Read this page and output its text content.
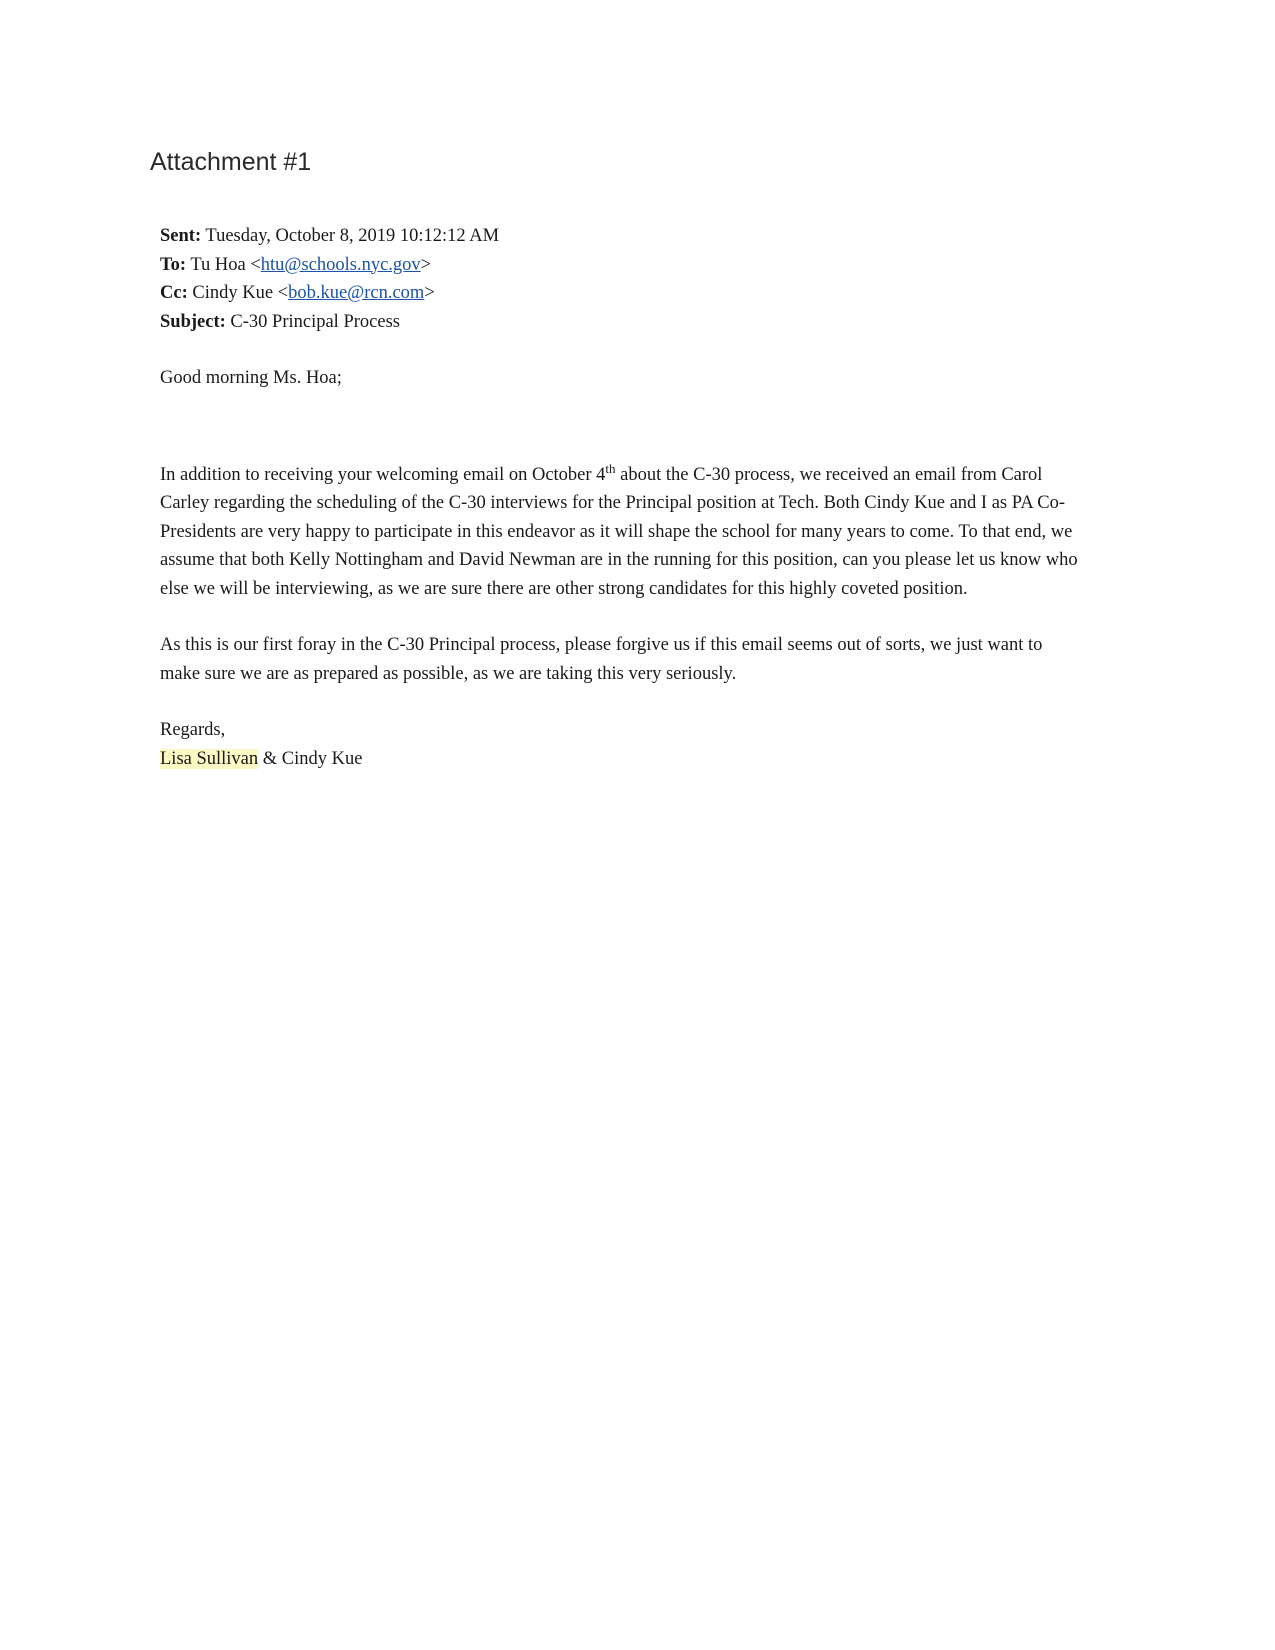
Attachment #1
Sent: Tuesday, October 8, 2019 10:12:12 AM
To: Tu Hoa <htu@schools.nyc.gov>
Cc: Cindy Kue <bob.kue@rcn.com>
Subject: C-30 Principal Process
Good morning Ms. Hoa;

In addition to receiving your welcoming email on October 4th about the C-30 process, we received an email from Carol Carley regarding the scheduling of the C-30 interviews for the Principal position at Tech. Both Cindy Kue and I as PA Co-Presidents are very happy to participate in this endeavor as it will shape the school for many years to come. To that end, we assume that both Kelly Nottingham and David Newman are in the running for this position, can you please let us know who else we will be interviewing, as we are sure there are other strong candidates for this highly coveted position.

As this is our first foray in the C-30 Principal process, please forgive us if this email seems out of sorts, we just want to make sure we are as prepared as possible, as we are taking this very seriously.

Regards,
Lisa Sullivan & Cindy Kue
